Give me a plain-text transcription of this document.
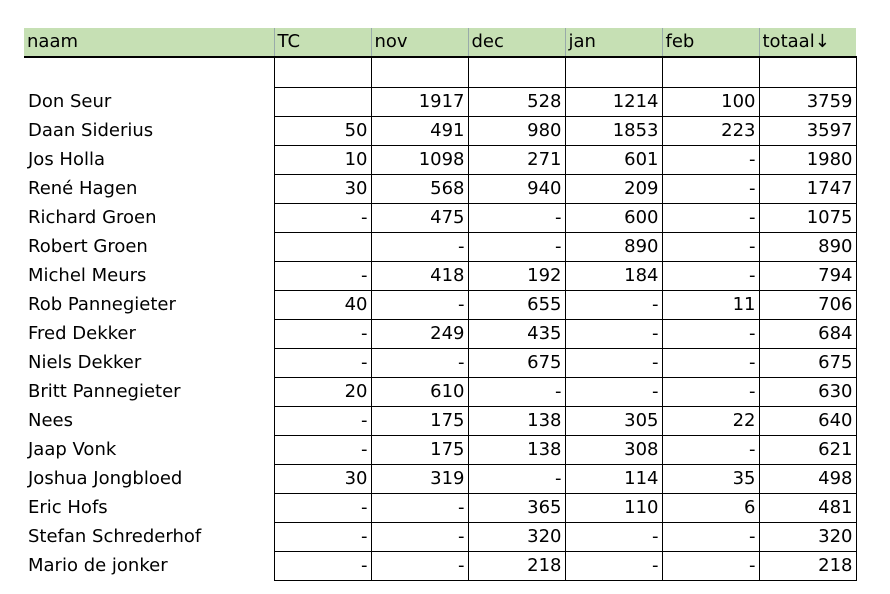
naam	TC	nov	dec	jan	feb	totaal↓

Don Seur		1917	528	1214	100	3759
Daan Siderius	50	491	980	1853	223	3597
Jos Holla	10	1098	271	601	-	1980
René Hagen	30	568	940	209	-	1747
Richard Groen	-	475	-	600	-	1075
Robert Groen		-	-	890	-	890
Michel Meurs	-	418	192	184	-	794
Rob Pannegieter	40	-	655	-	11	706
Fred Dekker	-	249	435	-	-	684
Niels Dekker	-	-	675	-	-	675
Britt Pannegieter	20	610	-	-	-	630
Nees	-	175	138	305	22	640
Jaap Vonk	-	175	138	308	-	621
Joshua Jongbloed	30	319	-	114	35	498
Eric Hofs	-	-	365	110	6	481
Stefan Schrederhof	-	-	320	-	-	320
Mario de jonker	-	-	218	-	-	218
